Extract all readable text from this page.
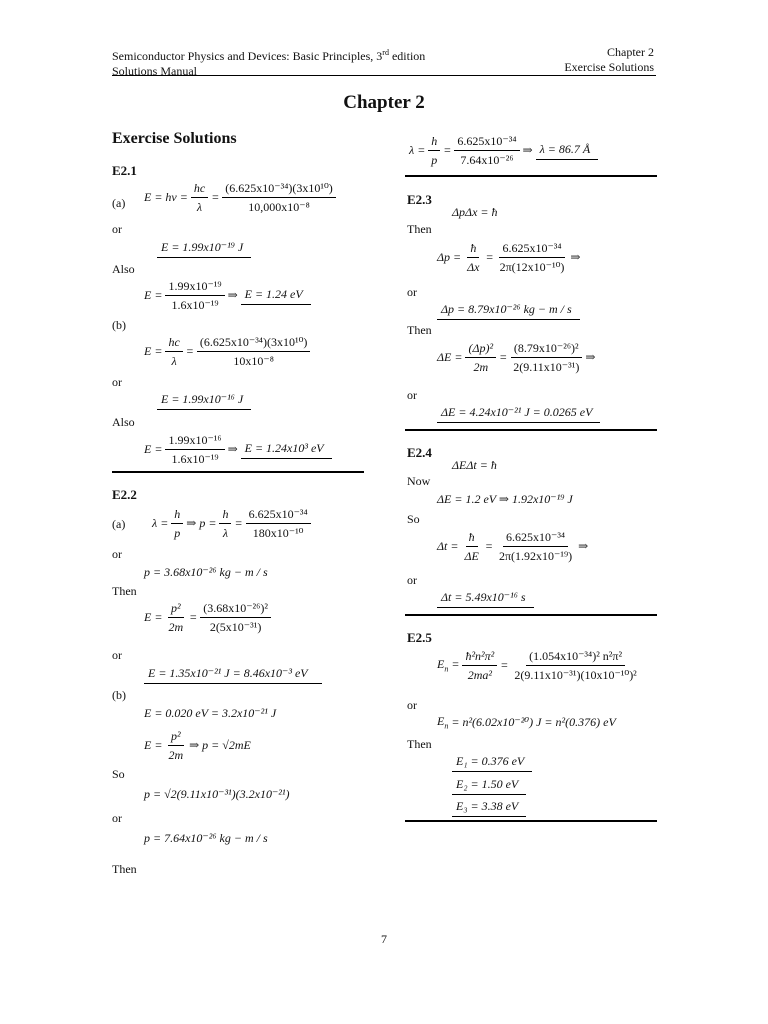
Semiconductor Physics and Devices: Basic Principles, 3rd edition
Solutions Manual
Chapter 2
Exercise Solutions
Chapter 2
Exercise Solutions
E2.1
(a) $E = h\nu = \frac{hc}{\lambda} = \frac{\text{(6.625x10⁻³⁴)(3x10¹⁰)}}{\text{10,000x10⁻⁸}}$
or
E = 1.99x10⁻¹⁹ J
Also
$E = \frac{\text{1.99x10⁻¹⁹}}{\text{1.6x10⁻¹⁹}}$ ⇒ E = 1.24 eV
(b)
$E = \frac{hc}{\lambda} = \frac{\text{(6.625x10⁻³⁴)(3x10¹⁰)}}{\text{10x10⁻⁸}}$
or
E = 1.99x10⁻¹⁶ J
Also
$E = \frac{\text{1.99x10⁻¹⁶}}{\text{1.6x10⁻¹⁹}}$ ⇒ E = 1.24x10³ eV
E2.2
(a) $\lambda = \frac{h}{p}$ ⇒ $p = \frac{h}{\lambda} = \frac{\text{6.625x10⁻³⁴}}{\text{180x10⁻¹⁰}}$
or
p = 3.68x10⁻²⁶ kg − m / s
Then
$E = \frac{\text{p²}}{2m} = \frac{\text{(3.68x10⁻²⁶)²}}{\text{2(5x10⁻³¹)}}$
or
E = 1.35x10⁻²¹ J = 8.46x10⁻³ eV
(b)
E = 0.020 eV = 3.2x10⁻²¹ J
$E = \frac{\text{p²}}{2m}$ ⇒ p = √2mE
So
p = √2(9.11x10⁻³¹)(3.2x10⁻²¹)
or
p = 7.64x10⁻²⁶ kg − m / s
Then
$\lambda = \frac{h}{p} = \frac{\text{6.625x10⁻³⁴}}{\text{7.64x10⁻²⁶}}$ ⇒ λ = 86.7 Å
E2.3
ΔpΔx = ħ
Then
$\Delta p = \frac{ħ}{\Delta x} = \frac{\text{6.625x10⁻³⁴}}{\text{2π(12x10⁻¹⁰)}}$ ⇒
or
Δp = 8.79x10⁻²⁶ kg − m / s
Then
$\Delta E = \frac{\text{(Δp)²}}{2m} = \frac{\text{(8.79x10⁻²⁶)²}}{\text{2(9.11x10⁻³¹)}}$ ⇒
or
ΔE = 4.24x10⁻²¹ J = 0.0265 eV
E2.4
ΔEΔt = ħ
Now
ΔE = 1.2 eV ⇒ 1.92x10⁻¹⁹ J
So
$\Delta t = \frac{ħ}{\Delta E} = \frac{\text{6.625x10⁻³⁴}}{\text{2π(1.92x10⁻¹⁹)}}$ ⇒
or
Δt = 5.49x10⁻¹⁶ s
E2.5
$E_n = \frac{\text{ħ²n²π²}}{\text{2ma²}} = \frac{\text{(1.054x10⁻³⁴)² n²π²}}{\text{2(9.11x10⁻³¹)(10x10⁻¹⁰)²}}$
or
$E_n = n^2(6.02x10^{-20}) J = n^2(0.376)$ eV
Then
E₁ = 0.376 eV
E₂ = 1.50 eV
E₃ = 3.38 eV
7
